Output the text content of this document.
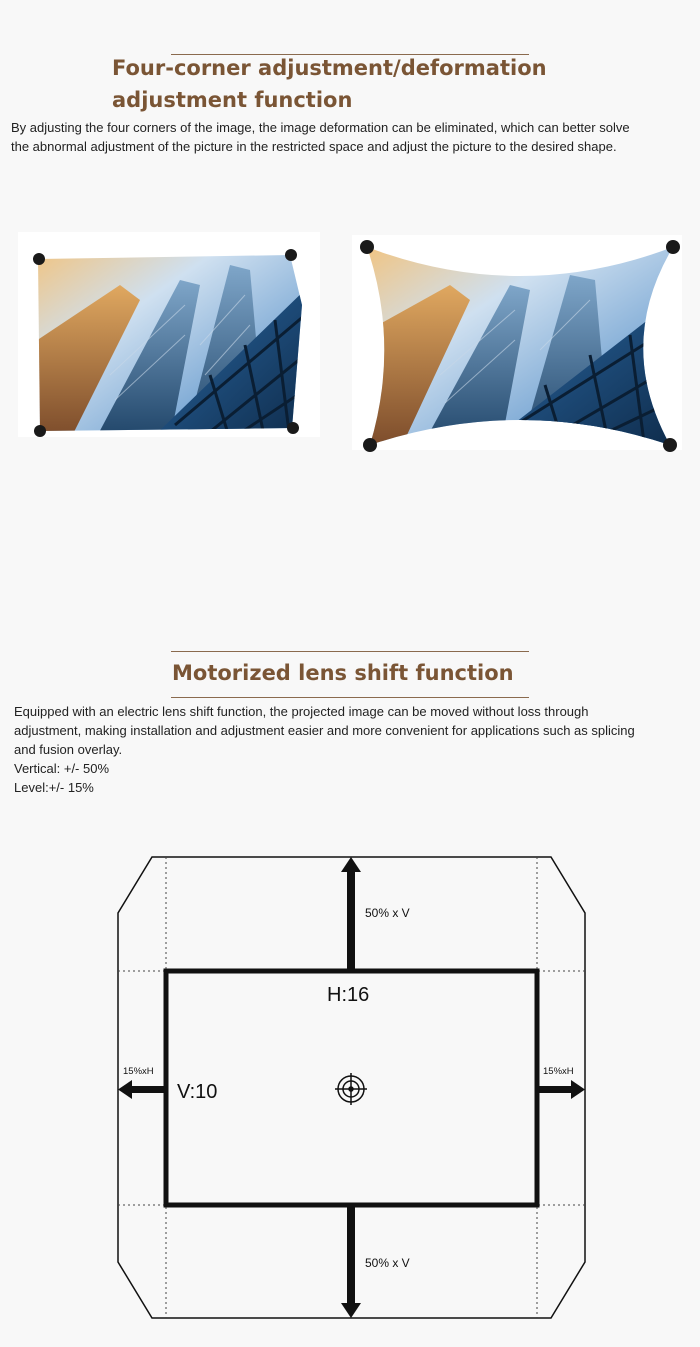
Four-corner adjustment/deformation
adjustment function

By adjusting the four corners of the image, the image deformation can be eliminated, which can better solve
the abnormal adjustment of the picture in the restricted space and adjust the picture to the desired shape.

Motorized lens shift function

Equipped with an electric lens shift function, the projected image can be moved without loss through
adjustment, making installation and adjustment easier and more convenient for applications such as splicing
and fusion overlay.
Vertical: +/- 50%
Level:+/- 15%

50% x V
50% x V
H:16
V:10
15%xH	15%xH
